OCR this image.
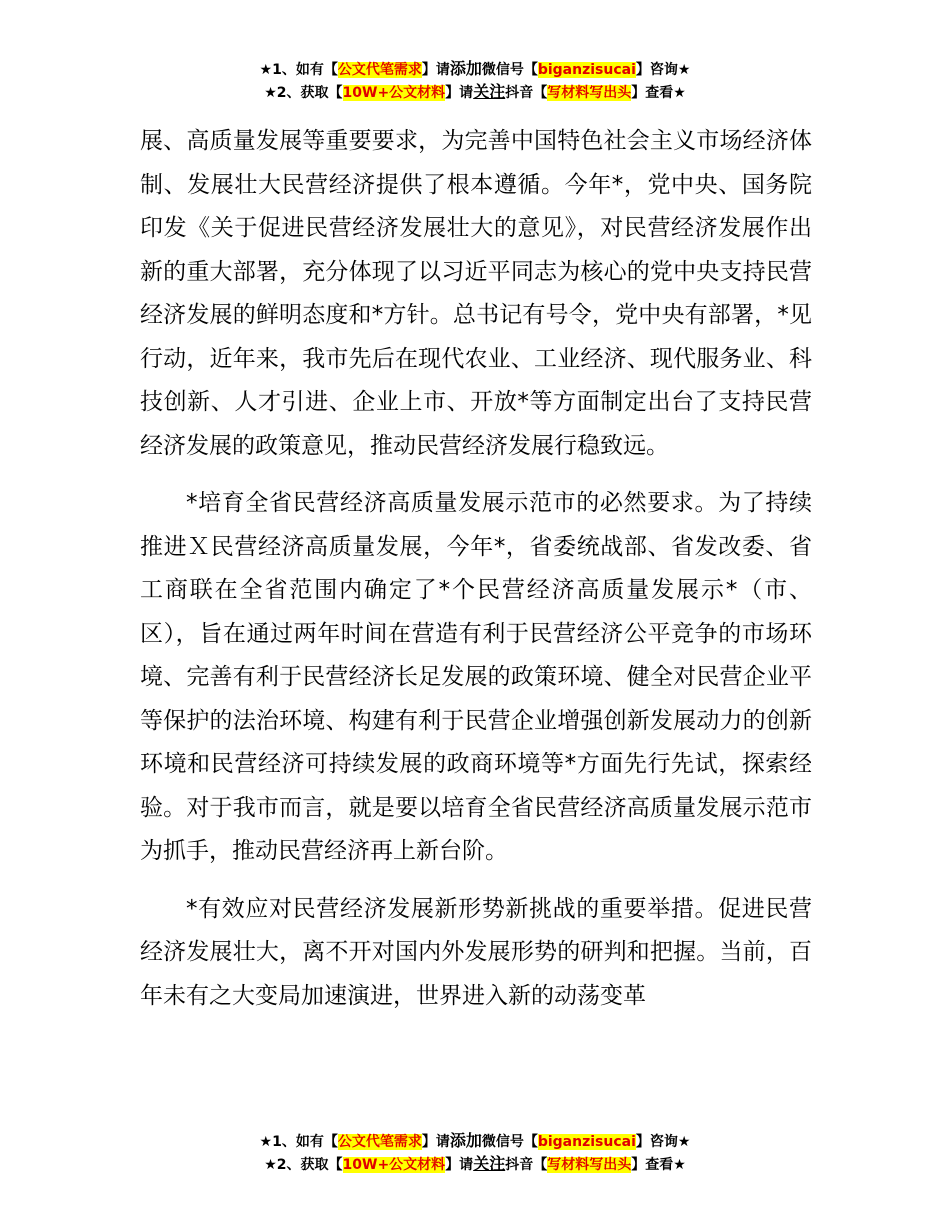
★1、如有【公文代笔需求】请添加微信号【biganzisucai】咨询★
★2、获取【10W+公文材料】请关注抖音【写材料写出头】查看★

展、高质量发展等重要要求，为完善中国特色社会主义市场经济体制、发展壮大民营经济提供了根本遵循。今年*，党中央、国务院印发《关于促进民营经济发展壮大的意见》，对民营经济发展作出新的重大部署，充分体现了以习近平同志为核心的党中央支持民营经济发展的鲜明态度和*方针。总书记有号令，党中央有部署，*见行动，近年来，我市先后在现代农业、工业经济、现代服务业、科技创新、人才引进、企业上市、开放*等方面制定出台了支持民营经济发展的政策意见，推动民营经济发展行稳致远。

*培育全省民营经济高质量发展示范市的必然要求。为了持续推进Ｘ民营经济高质量发展，今年*，省委统战部、省发改委、省工商联在全省范围内确定了*个民营经济高质量发展示*（市、区），旨在通过两年时间在营造有利于民营经济公平竞争的市场环境、完善有利于民营经济长足发展的政策环境、健全对民营企业平等保护的法治环境、构建有利于民营企业增强创新发展动力的创新环境和民营经济可持续发展的政商环境等*方面先行先试，探索经验。对于我市而言，就是要以培育全省民营经济高质量发展示范市为抓手，推动民营经济再上新台阶。

*有效应对民营经济发展新形势新挑战的重要举措。促进民营经济发展壮大，离不开对国内外发展形势的研判和把握。当前，百年未有之大变局加速演进，世界进入新的动荡变革

★1、如有【公文代笔需求】请添加微信号【biganzisucai】咨询★
★2、获取【10W+公文材料】请关注抖音【写材料写出头】查看★
